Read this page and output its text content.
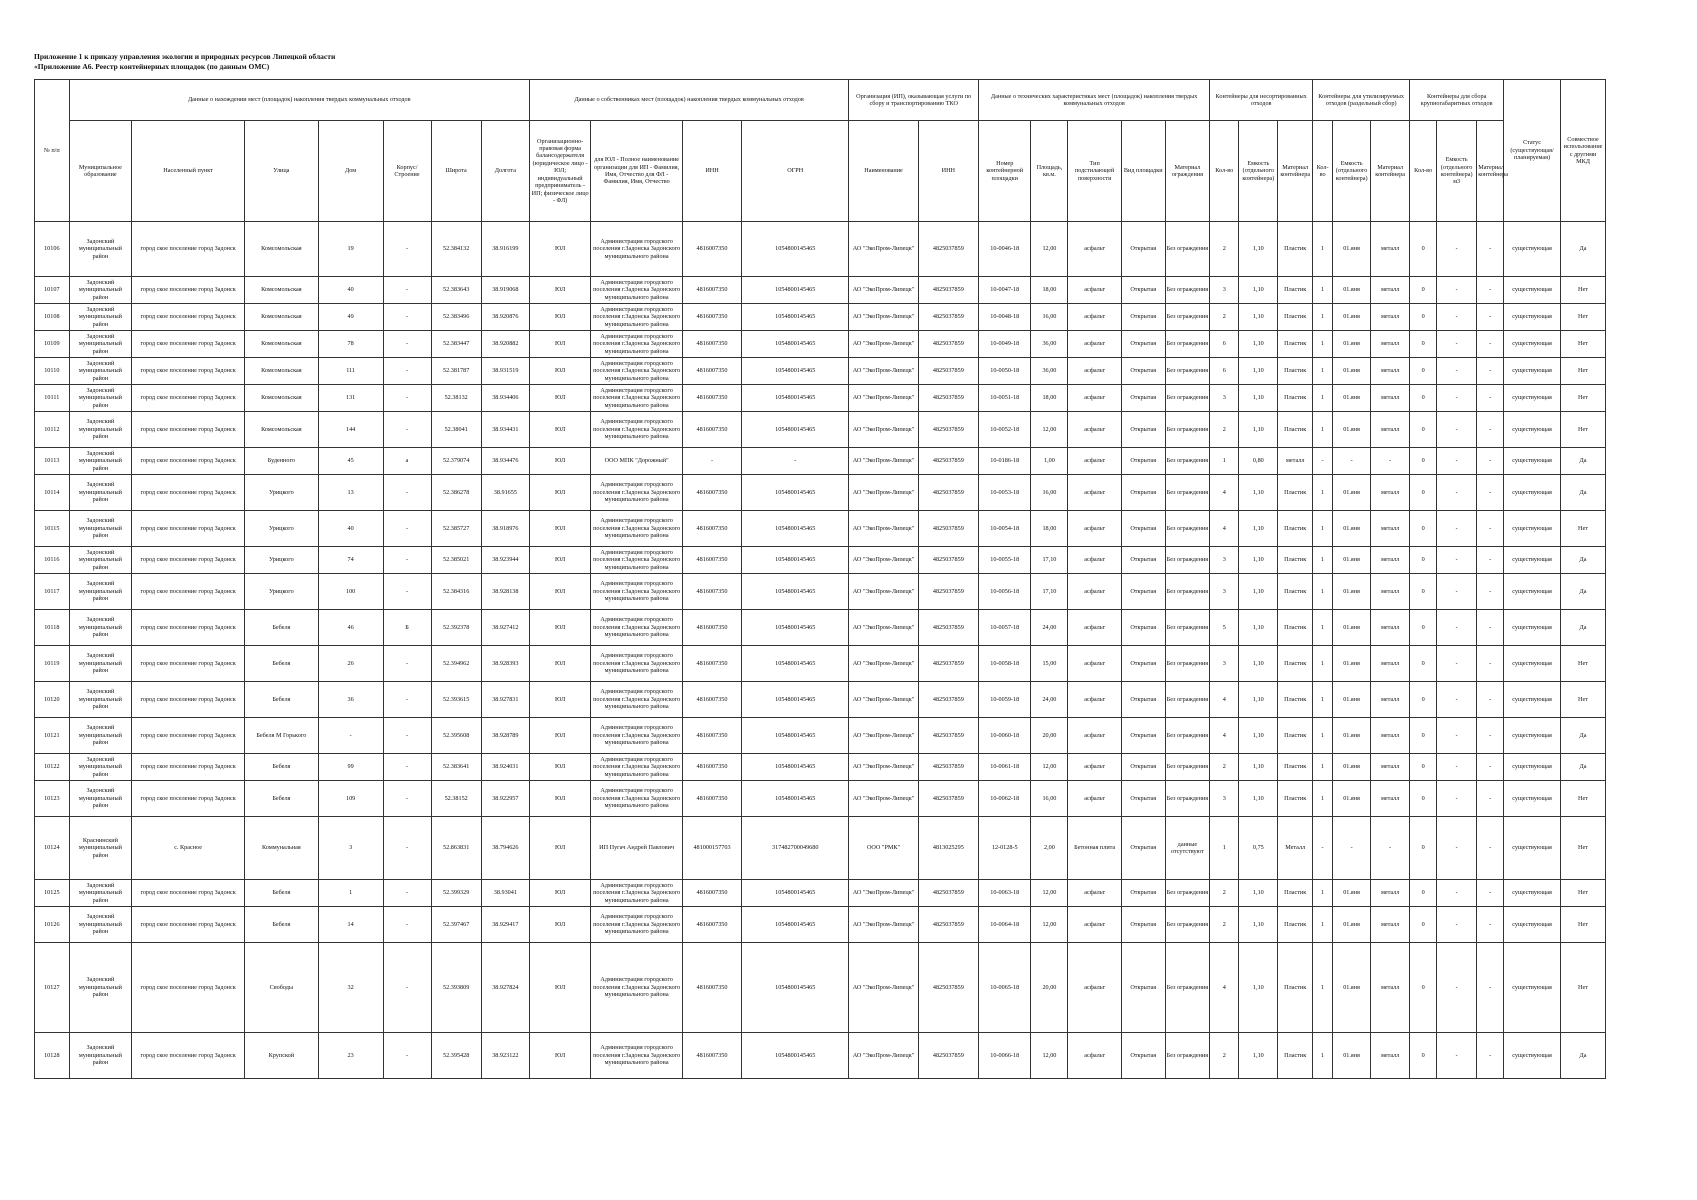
Приложение 1 к приказу управления экологии и природных ресурсов Липецкой области
«Приложение А6. Реестр контейнерных площадок (по данным ОМС)
№ п/п	Данные о нахождении мест (площадок) накопления твердых коммунальных отходов							Данные о собственниках мест (площадок) накопления твердых коммунальных отходов				Организация (ИП), оказывающая услуги по сбору и транспортированию ТКО		Данные о технических характеристиках мест (площадок) накопления твердых коммунальных отходов					Контейнеры для несортированных отходов			Контейнеры для утилизируемых отходов (раздельный сбор)			Контейнеры для сбора крупногабаритных отходов			Статус (существующая/ планируемая)	Совместное использование с другими МКД
	Муниципальное образование	Населенный пункт	Улица	Дом	Корпус/Строение	Широта	Долгота	Организационно-правовая форма балансодержателя (юридическое лицо - ЮЛ; индивидуальный предприниматель - ИП; физическое лицо - ФЛ)	для ЮЛ - Полное наименование организации для ИП - Фамилия, Имя, Отчество для ФЛ - Фамилия, Имя, Отчество	ИНН	ОГРН	Наименование	ИНН	Номер контейнерной площадки	Площадь, кв.м.	Тип подстилающей поверхности	Вид площадки	Материал ограждения	Кол-во	Емкость (отдельного контейнера)	Материал контейнера	Кол-во	Емкость (отдельного контейнера)	Материал контейнера	Кол-во	Емкость (отдельного контейнера) м3	Материал контейнера		
10106	Задонский муниципальный район	город ское поселение город Задонск	Комсомольская	19	-	52.384132	38.916199	ЮЛ	Администрация городского поселения г.Задонска Задонского муниципального района	4816007350	1054800145465	АО "ЭкоПром-Липецк"	4825037859	10-0046-18	12,00	асфальт	Открытая	Без ограждения	2	1,10	Пластик	1	01.янв	металл	0	-	-	существующая	Да
10107	Задонский муниципальный район	город ское поселение город Задонск	Комсомольская	40	-	52.383643	38.919068	ЮЛ	Администрация городского поселения г.Задонска Задонского муниципального района	4816007350	1054800145465	АО "ЭкоПром-Липецк"	4825037859	10-0047-18	18,00	асфальт	Открытая	Без ограждения	3	1,10	Пластик	1	01.янв	металл	0	-	-	существующая	Нет
10108	Задонский муниципальный район	город ское поселение город Задонск	Комсомольская	49	-	52.383496	38.920876	ЮЛ	Администрация городского поселения г.Задонска Задонского муниципального района	4816007350	1054800145465	АО "ЭкоПром-Липецк"	4825037859	10-0048-18	16,00	асфальт	Открытая	Без ограждения	2	1,10	Пластик	1	01.янв	металл	0	-	-	существующая	Нет
10109	Задонский муниципальный район	город ское поселение город Задонск	Комсомольская	78	-	52.383447	38.920882	ЮЛ	Администрация городского поселения г.Задонска Задонского муниципального района	4816007350	1054800145465	АО "ЭкоПром-Липецк"	4825037859	10-0049-18	36,00	асфальт	Открытая	Без ограждения	6	1,10	Пластик	1	01.янв	металл	0	-	-	существующая	Нет
10110	Задонский муниципальный район	город ское поселение город Задонск	Комсомольская	111	-	52.381787	38.931519	ЮЛ	Администрация городского поселения г.Задонска Задонского муниципального района	4816007350	1054800145465	АО "ЭкоПром-Липецк"	4825037859	10-0050-18	36,00	асфальт	Открытая	Без ограждения	6	1,10	Пластик	1	01.янв	металл	0	-	-	существующая	Нет
10111	Задонский муниципальный район	город ское поселение город Задонск	Комсомольская	131	-	52.38132	38.934406	ЮЛ	Администрация городского поселения г.Задонска Задонского муниципального района	4816007350	1054800145465	АО "ЭкоПром-Липецк"	4825037859	10-0051-18	18,00	асфальт	Открытая	Без ограждения	3	1,10	Пластик	1	01.янв	металл	0	-	-	существующая	Нет
10112	Задонский муниципальный район	город ское поселение город Задонск	Комсомольская	144	-	52.38041	38.934431	ЮЛ	Администрация городского поселения г.Задонска Задонского муниципального района	4816007350	1054800145465	АО "ЭкоПром-Липецк"	4825037859	10-0052-18	12,00	асфальт	Открытая	Без ограждения	2	1,10	Пластик	1	01.янв	металл	0	-	-	существующая	Нет
10113	Задонский муниципальный район	город ское поселение город Задонск	Буденного	45	а	52.379074	38.934476	ЮЛ	ООО МПК "Дорожный"	-	-	АО "ЭкоПром-Липецк"	4825037859	10-0186-18	1,00	асфальт	Открытая	Без ограждения	1	0,80	металл	-	-	-	0	-	-	существующая	Да
10114	Задонский муниципальный район	город ское поселение город Задонск	Урицкого	13	-	52.386278	38.91655	ЮЛ	Администрация городского поселения г.Задонска Задонского муниципального района	4816007350	1054800145465	АО "ЭкоПром-Липецк"	4825037859	10-0053-18	16,00	асфальт	Открытая	Без ограждения	4	1,10	Пластик	1	01.янв	металл	0	-	-	существующая	Да
10115	Задонский муниципальный район	город ское поселение город Задонск	Урицкого	40	-	52.385727	38.918976	ЮЛ	Администрация городского поселения г.Задонска Задонского муниципального района	4816007350	1054800145465	АО "ЭкоПром-Липецк"	4825037859	10-0054-18	18,00	асфальт	Открытая	Без ограждения	4	1,10	Пластик	1	01.янв	металл	0	-	-	существующая	Нет
10116	Задонский муниципальный район	город ское поселение город Задонск	Урицкого	74	-	52.385021	38.923944	ЮЛ	Администрация городского поселения г.Задонска Задонского муниципального района	4816007350	1054800145465	АО "ЭкоПром-Липецк"	4825037859	10-0055-18	17,10	асфальт	Открытая	Без ограждения	3	1,10	Пластик	1	01.янв	металл	0	-	-	существующая	Да
10117	Задонский муниципальный район	город ское поселение город Задонск	Урицкого	100	-	52.384316	38.928138	ЮЛ	Администрация городского поселения г.Задонска Задонского муниципального района	4816007350	1054800145465	АО "ЭкоПром-Липецк"	4825037859	10-0056-18	17,10	асфальт	Открытая	Без ограждения	3	1,10	Пластик	1	01.янв	металл	0	-	-	существующая	Да
10118	Задонский муниципальный район	город ское поселение город Задонск	Бебеля	46	Б	52.392378	38.927412	ЮЛ	Администрация городского поселения г.Задонска Задонского муниципального района	4816007350	1054800145465	АО "ЭкоПром-Липецк"	4825037859	10-0057-18	24,00	асфальт	Открытая	Без ограждения	5	1,10	Пластик	1	01.янв	металл	0	-	-	существующая	Да
10119	Задонский муниципальный район	город ское поселение город Задонск	Бебеля	26	-	52.394962	38.928393	ЮЛ	Администрация городского поселения г.Задонска Задонского муниципального района	4816007350	1054800145465	АО "ЭкоПром-Липецк"	4825037859	10-0058-18	15,00	асфальт	Открытая	Без ограждения	3	1,10	Пластик	1	01.янв	металл	0	-	-	существующая	Нет
10120	Задонский муниципальный район	город ское поселение город Задонск	Бебеля	36	-	52.393615	38.927831	ЮЛ	Администрация городского поселения г.Задонска Задонского муниципального района	4816007350	1054800145465	АО "ЭкоПром-Липецк"	4825037859	10-0059-18	24,00	асфальт	Открытая	Без ограждения	4	1,10	Пластик	1	01.янв	металл	0	-	-	существующая	Нет
10121	Задонский муниципальный район	город ское поселение город Задонск	Бебеля М Горького	-	-	52.395608	38.928789	ЮЛ	Администрация городского поселения г.Задонска Задонского муниципального района	4816007350	1054800145465	АО "ЭкоПром-Липецк"	4825037859	10-0060-18	20,00	асфальт	Открытая	Без ограждения	4	1,10	Пластик	1	01.янв	металл	0	-	-	существующая	Да
10122	Задонский муниципальный район	город ское поселение город Задонск	Бебеля	99	-	52.383641	38.924031	ЮЛ	Администрация городского поселения г.Задонска Задонского муниципального района	4816007350	1054800145465	АО "ЭкоПром-Липецк"	4825037859	10-0061-18	12,00	асфальт	Открытая	Без ограждения	2	1,10	Пластик	1	01.янв	металл	0	-	-	существующая	Да
10123	Задонский муниципальный район	город ское поселение город Задонск	Бебеля	109	-	52.38152	38.922957	ЮЛ	Администрация городского поселения г.Задонска Задонского муниципального района	4816007350	1054800145465	АО "ЭкоПром-Липецк"	4825037859	10-0062-18	16,00	асфальт	Открытая	Без ограждения	3	1,10	Пластик	1	01.янв	металл	0	-	-	существующая	Нет
10124	Краснинский муниципальный район	с. Красное	Коммунальная	3	-	52.863831	38.794626	ЮЛ	ИП Пугач Андрей Павлович	481000157703	317482700049680	ООО "РМК"	4813025295	12-0128-5	2,00	Бетонная плита	Открытая	данные отсутствуют	1	0,75	Металл	-	-	-	0	-	-	существующая	Нет
10125	Задонский муниципальный район	город ское поселение город Задонск	Бебеля	1	-	52.399329	38.93041	ЮЛ	Администрация городского поселения г.Задонска Задонского муниципального района	4816007350	1054800145465	АО "ЭкоПром-Липецк"	4825037859	10-0063-18	12,00	асфальт	Открытая	Без ограждения	2	1,10	Пластик	1	01.янв	металл	0	-	-	существующая	Нет
10126	Задонский муниципальный район	город ское поселение город Задонск	Бебеля	14	-	52.397467	38.929417	ЮЛ	Администрация городского поселения г.Задонска Задонского муниципального района	4816007350	1054800145465	АО "ЭкоПром-Липецк"	4825037859	10-0064-18	12,00	асфальт	Открытая	Без ограждения	2	1,10	Пластик	1	01.янв	металл	0	-	-	существующая	Нет
10127	Задонский муниципальный район	город ское поселение город Задонск	Свободы	32	-	52.393809	38.927824	ЮЛ	Администрация городского поселения г.Задонска Задонского муниципального района	4816007350	1054800145465	АО "ЭкоПром-Липецк"	4825037859	10-0065-18	20,00	асфальт	Открытая	Без ограждения	4	1,10	Пластик	1	01.янв	металл	0	-	-	существующая	Нет
10128	Задонский муниципальный район	город ское поселение город Задонск	Крупской	23	-	52.395428	38.923122	ЮЛ	Администрация городского поселения г.Задонска Задонского муниципального района	4816007350	1054800145465	АО "ЭкоПром-Липецк"	4825037859	10-0066-18	12,00	асфальт	Открытая	Без ограждения	2	1,10	Пластик	1	01.янв	металл	0	-	-	существующая	Да
